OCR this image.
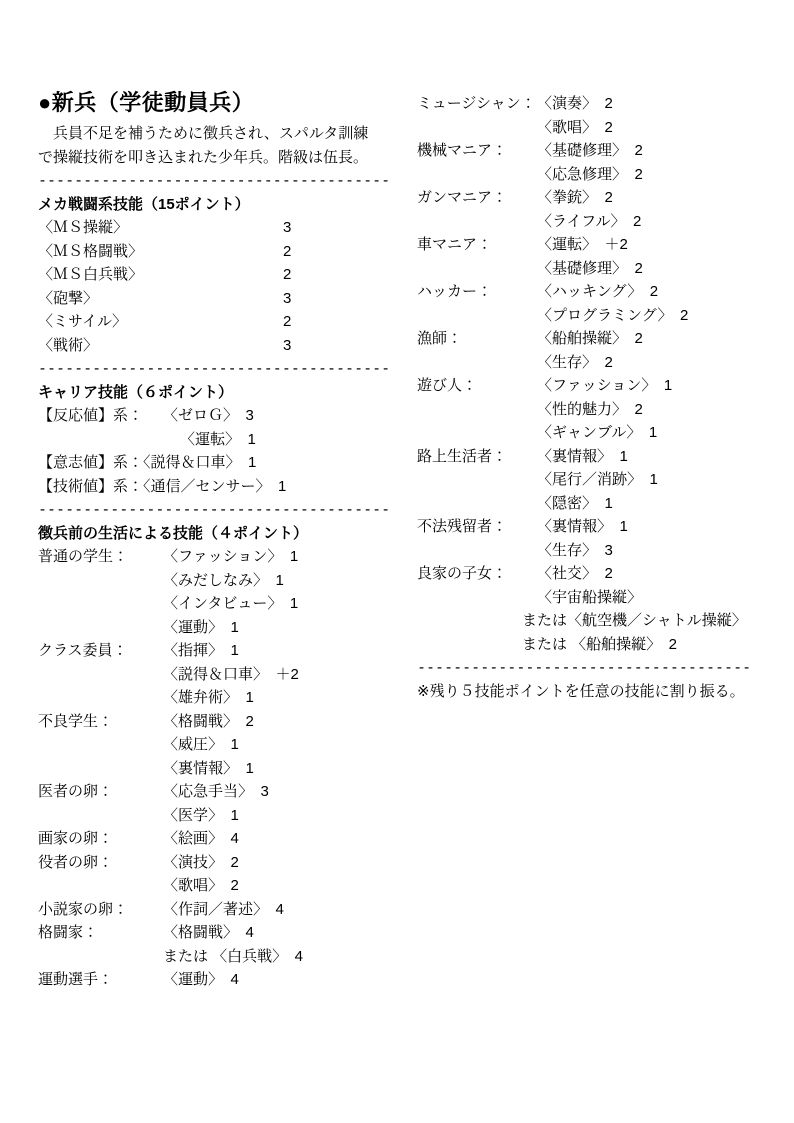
●新兵（学徒動員兵）

　兵員不足を補うために徴兵され、スパルタ訓練

で操縦技術を叩き込まれた少年兵。階級は伍長。

---------------------------------------
メカ戦闘系技能（15ポイント）
〈ＭＳ操縦〉	3
〈ＭＳ格闘戦〉	2
〈ＭＳ白兵戦〉	2
〈砲撃〉	3
〈ミサイル〉	2
〈戦術〉	3
---------------------------------------
キャリア技能（６ポイント）
【反応値】系：	〈ゼロＧ〉　3
〈運転〉　1
【意志値】系：〈説得＆口車〉　1
【技術値】系：〈通信／センサー〉　1
---------------------------------------
徴兵前の生活による技能（４ポイント）
普通の学生：	〈ファッション〉　1
〈みだしなみ〉　1
〈インタビュー〉　1
〈運動〉　1
クラス委員：	〈指揮〉　1
〈説得＆口車〉　＋2
〈雄弁術〉　1
不良学生：	〈格闘戦〉　2
〈威圧〉　1
〈裏情報〉　1
医者の卵：	〈応急手当〉　3
〈医学〉　1
画家の卵：	〈絵画〉　4
役者の卵：	〈演技〉　2
〈歌唱〉　2
小説家の卵：	〈作詞／著述〉　4
格闘家：	〈格闘戦〉　4
または 〈白兵戦〉　4
運動選手：	〈運動〉　4
ミュージシャン： 〈演奏〉　2
〈歌唱〉　2
機械マニア：	〈基礎修理〉　2
〈応急修理〉　2
ガンマニア：	〈拳銃〉　2
〈ライフル〉　2
車マニア：	〈運転〉　＋2
〈基礎修理〉　2
ハッカー：	〈ハッキング〉　2
〈プログラミング〉　2
漁師：	〈船舶操縦〉　2
〈生存〉　2
遊び人：	〈ファッション〉　1
〈性的魅力〉　2
〈ギャンブル〉　1
路上生活者：	〈裏情報〉　1
〈尾行／消跡〉　1
〈隠密〉　1
不法残留者：	〈裏情報〉　1
〈生存〉　3
良家の子女：	〈社交〉　2
〈宇宙船操縦〉
または〈航空機／シャトル操縦〉
または 〈船舶操縦〉　2
-------------------------------------

※残り５技能ポイントを任意の技能に割り振る。
